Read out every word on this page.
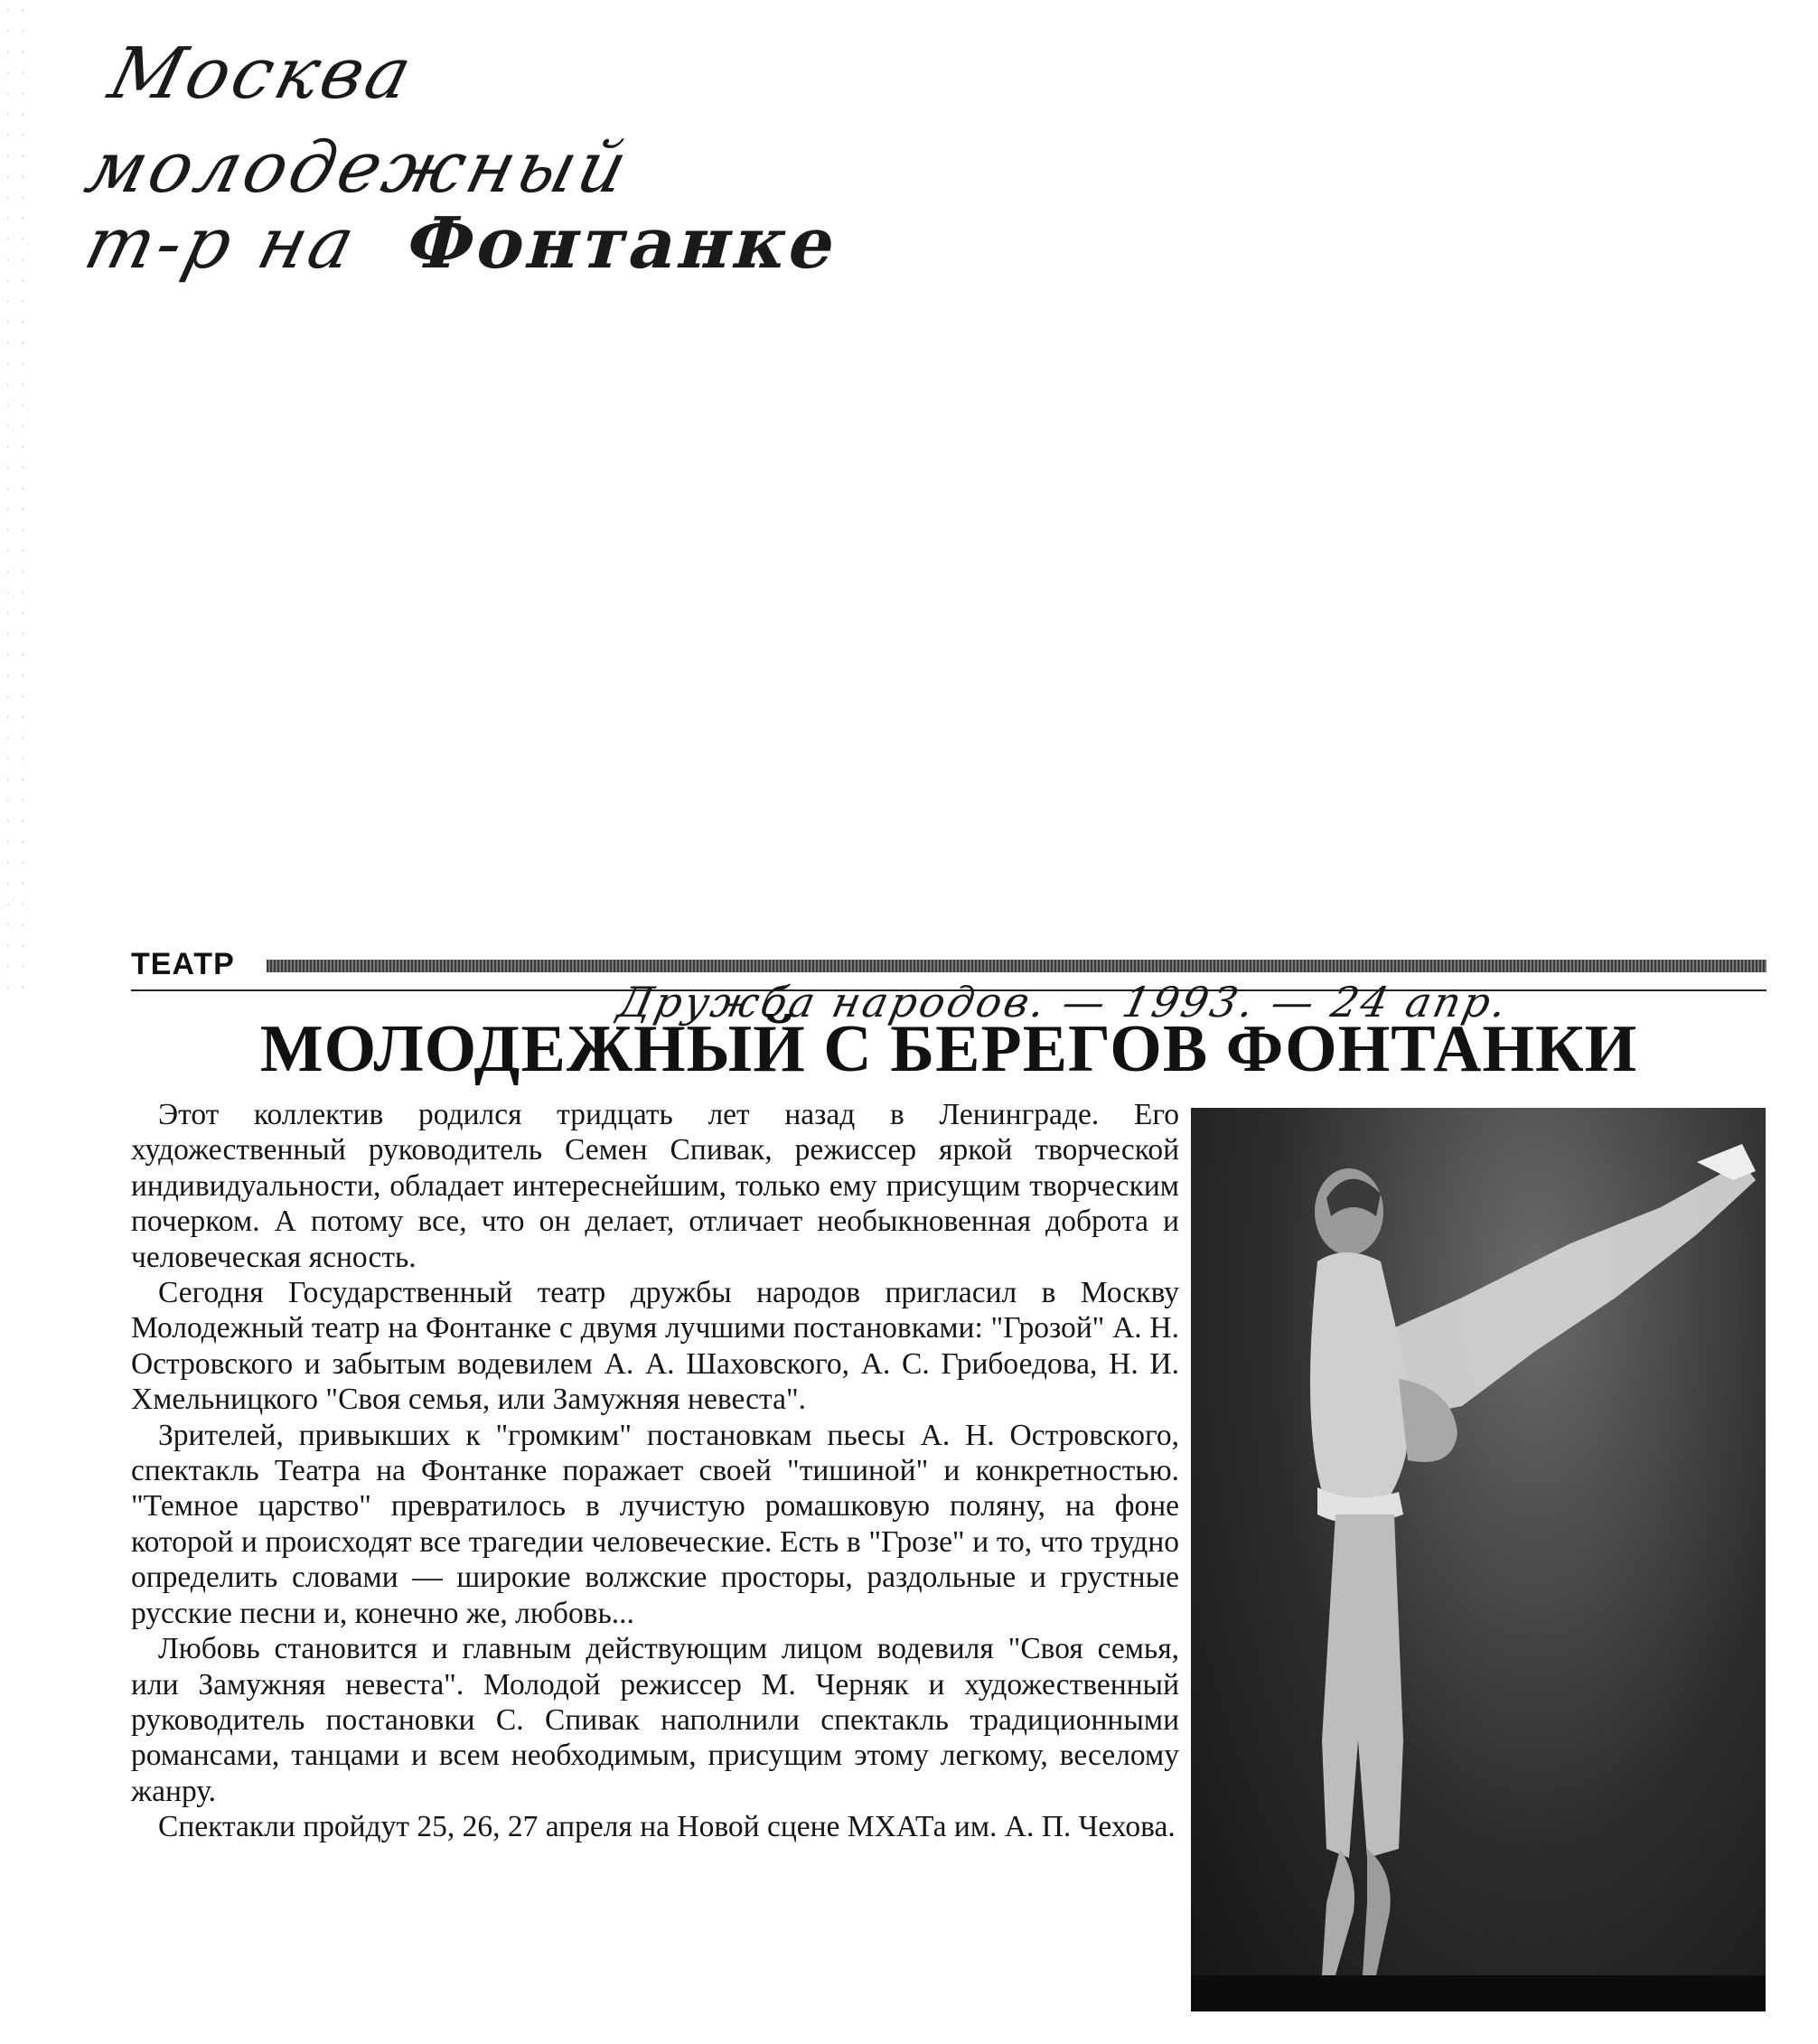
Москва
молодежный
т-р на Фонтанке
ТЕАТР
Дружба народов. — 1993. — 24 апр.
МОЛОДЕЖНЫЙ С БЕРЕГОВ ФОНТАНКИ

Этот коллектив родился тридцать лет назад в Ленинграде. Его художественный руководитель Семен Спивак, режиссер яркой творческой индивидуальности, обладает интереснейшим, только ему присущим творческим почерком. А потому все, что он делает, отличает необыкновенная доброта и человеческая ясность.

Сегодня Государственный театр дружбы народов пригласил в Москву Молодежный театр на Фонтанке с двумя лучшими постановками: "Грозой" А. Н. Островского и забытым водевилем А. А. Шаховского, А. С. Грибоедова, Н. И. Хмельницкого "Своя семья, или Замужняя невеста".

Зрителей, привыкших к "громким" постановкам пьесы А. Н. Островского, спектакль Театра на Фонтанке поражает своей "тишиной" и конкретностью. "Темное царство" превратилось в лучистую ромашковую поляну, на фоне которой и происходят все трагедии человеческие. Есть в "Грозе" и то, что трудно определить словами — широкие волжские просторы, раздольные и грустные русские песни и, конечно же, любовь...

Любовь становится и главным действующим лицом водевиля "Своя семья, или Замужняя невеста". Молодой режиссер М. Черняк и художественный руководитель постановки С. Спивак наполнили спектакль традиционными романсами, танцами и всем необходимым, присущим этому легкому, веселому жанру.

Спектакли пройдут 25, 26, 27 апреля на Новой сцене МХАТа им. А. П. Чехова.
